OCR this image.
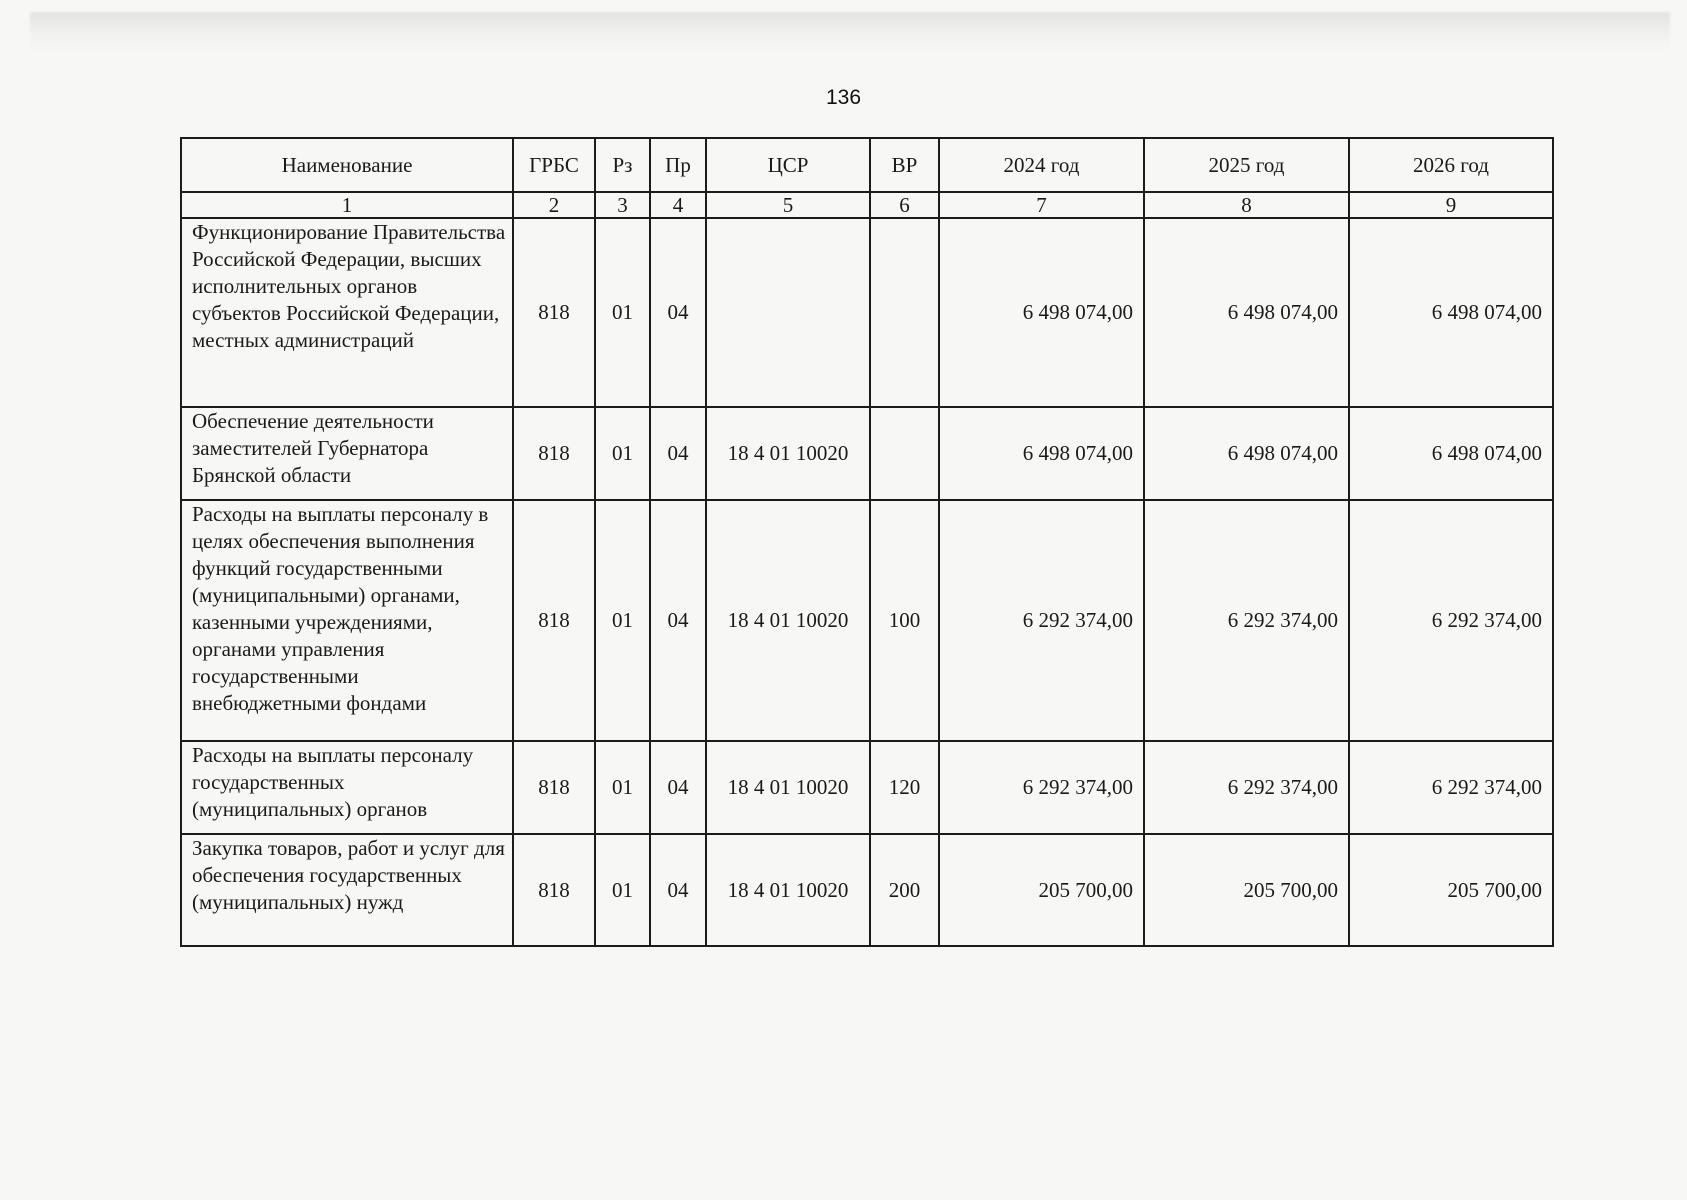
136
Наименование	ГРБС	Рз	Пр	ЦСР	ВР	2024 год	2025 год	2026 год
1	2	3	4	5	6	7	8	9
Функционирование Правительства Российской Федерации, высших исполнительных органов субъектов Российской Федерации, местных администраций	818	01	04			6 498 074,00	6 498 074,00	6 498 074,00
Обеспечение деятельности заместителей Губернатора Брянской области	818	01	04	18 4 01 10020		6 498 074,00	6 498 074,00	6 498 074,00
Расходы на выплаты персоналу в целях обеспечения выполнения функций государственными (муниципальными) органами, казенными учреждениями, органами управления государственными внебюджетными фондами	818	01	04	18 4 01 10020	100	6 292 374,00	6 292 374,00	6 292 374,00
Расходы на выплаты персоналу государственных (муниципальных) органов	818	01	04	18 4 01 10020	120	6 292 374,00	6 292 374,00	6 292 374,00
Закупка товаров, работ и услуг для обеспечения государственных (муниципальных) нужд	818	01	04	18 4 01 10020	200	205 700,00	205 700,00	205 700,00
